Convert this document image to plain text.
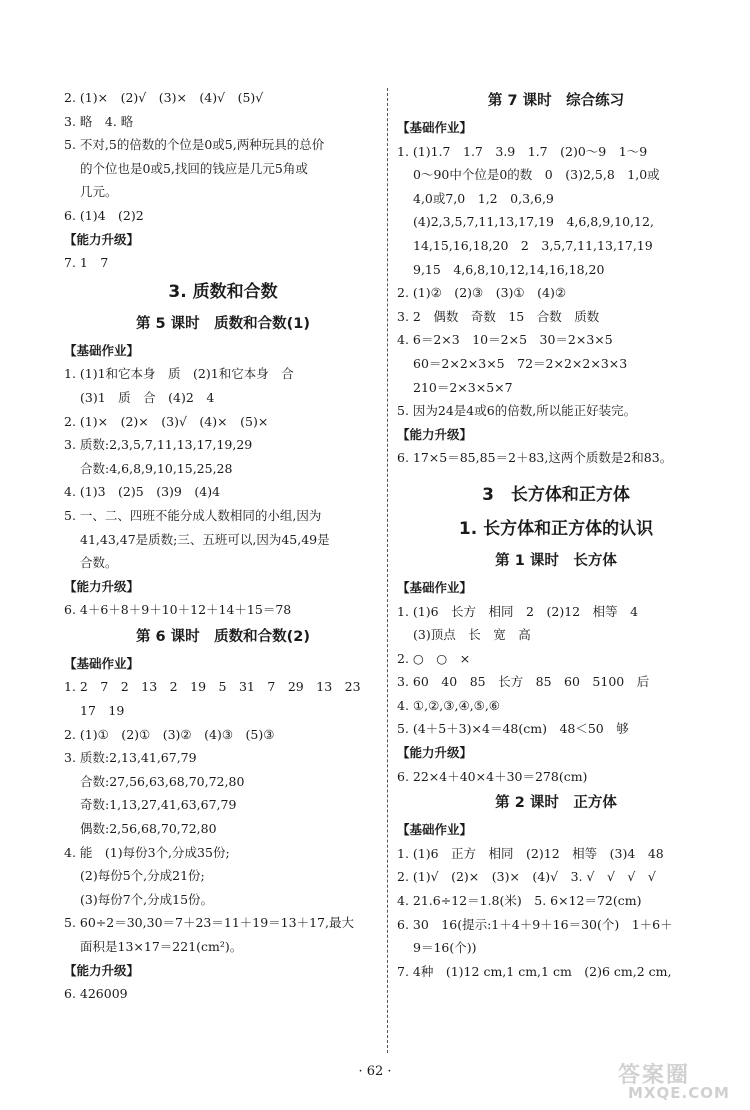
2. (1)×　(2)√　(3)×　(4)√　(5)√
3. 略　4. 略
5. 不对,5的倍数的个位是0或5,两种玩具的总价
的个位也是0或5,找回的钱应是几元5角或
几元。
6. (1)4　(2)2
【能力升级】
7. 1　7
3. 质数和合数
第 5 课时　质数和合数(1)
【基础作业】
1. (1)1和它本身　质　(2)1和它本身　合
(3)1　质　合　(4)2　4
2. (1)×　(2)×　(3)√　(4)×　(5)×
3. 质数:2,3,5,7,11,13,17,19,29
合数:4,6,8,9,10,15,25,28
4. (1)3　(2)5　(3)9　(4)4
5. 一、二、四班不能分成人数相同的小组,因为
41,43,47是质数;三、五班可以,因为45,49是
合数。
【能力升级】
6. 4＋6＋8＋9＋10＋12＋14＋15＝78
第 6 课时　质数和合数(2)
【基础作业】
1. 2　7　2　13　2　19　5　31　7　29　13　23
17　19
2. (1)①　(2)①　(3)②　(4)③　(5)③
3. 质数:2,13,41,67,79
合数:27,56,63,68,70,72,80
奇数:1,13,27,41,63,67,79
偶数:2,56,68,70,72,80
4. 能　(1)每份3个,分成35份;
(2)每份5个,分成21份;
(3)每份7个,分成15份。
5. 60÷2＝30,30＝7＋23＝11＋19＝13＋17,最大
面积是13×17＝221(cm²)。
【能力升级】
6. 426009
第 7 课时　综合练习
【基础作业】
1. (1)1.7　1.7　3.9　1.7　(2)0～9　1～9
0～90中个位是0的数　0　(3)2,5,8　1,0或
4,0或7,0　1,2　0,3,6,9
(4)2,3,5,7,11,13,17,19　4,6,8,9,10,12,
14,15,16,18,20　2　3,5,7,11,13,17,19
9,15　4,6,8,10,12,14,16,18,20
2. (1)②　(2)③　(3)①　(4)②
3. 2　偶数　奇数　15　合数　质数
4. 6＝2×3　10＝2×5　30＝2×3×5
60＝2×2×3×5　72＝2×2×2×3×3
210＝2×3×5×7
5. 因为24是4或6的倍数,所以能正好装完。
【能力升级】
6. 17×5＝85,85＝2＋83,这两个质数是2和83。
3　长方体和正方体
1. 长方体和正方体的认识
第 1 课时　长方体
【基础作业】
1. (1)6　长方　相同　2　(2)12　相等　4
(3)顶点　长　宽　高
2. ○　○　×
3. 60　40　85　长方　85　60　5100　后
4. ①,②,③,④,⑤,⑥
5. (4＋5＋3)×4＝48(cm)　48＜50　够
【能力升级】
6. 22×4＋40×4＋30＝278(cm)
第 2 课时　正方体
【基础作业】
1. (1)6　正方　相同　(2)12　相等　(3)4　48
2. (1)√　(2)×　(3)×　(4)√　3. √　√　√　√
4. 21.6÷12＝1.8(米)　5. 6×12＝72(cm)
6. 30　16(提示:1＋4＋9＋16＝30(个)　1＋6＋
9＝16(个))
7. 4种　(1)12 cm,1 cm,1 cm　(2)6 cm,2 cm,
· 62 ·	答案圈
MXQE.COM
